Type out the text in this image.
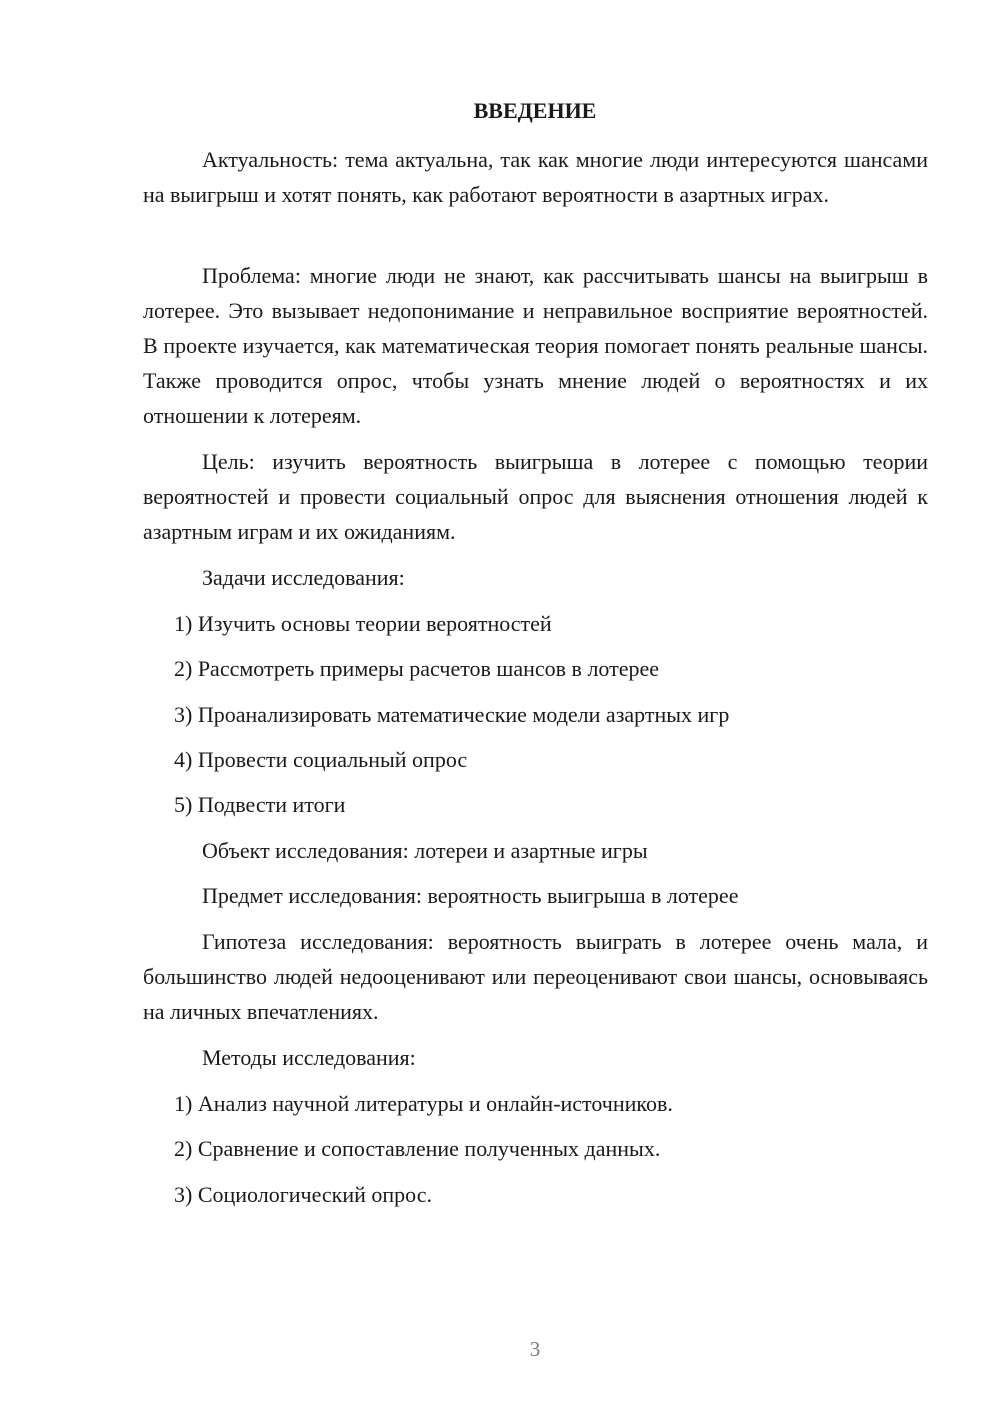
ВВЕДЕНИЕ

Актуальность: тема актуальна, так как многие люди интересуются шансами на выигрыш и хотят понять, как работают вероятности в азартных играх.

Проблема: многие люди не знают, как рассчитывать шансы на выигрыш в лотерее. Это вызывает недопонимание и неправильное восприятие вероятностей. В проекте изучается, как математическая теория помогает понять реальные шансы. Также проводится опрос, чтобы узнать мнение людей о вероятностях и их отношении к лотереям.

Цель: изучить вероятность выигрыша в лотерее с помощью теории вероятностей и провести социальный опрос для выяснения отношения людей к азартным играм и их ожиданиям.

Задачи исследования:
1) Изучить основы теории вероятностей
2) Рассмотреть примеры расчетов шансов в лотерее
3) Проанализировать математические модели азартных игр
4) Провести социальный опрос
5) Подвести итоги
Объект исследования: лотереи и азартные игры
Предмет исследования: вероятность выигрыша в лотерее

Гипотеза исследования: вероятность выиграть в лотерее очень мала, и большинство людей недооценивают или переоценивают свои шансы, основываясь на личных впечатлениях.

Методы исследования:
1) Анализ научной литературы и онлайн-источников.
2) Сравнение и сопоставление полученных данных.
3) Социологический опрос.
3
